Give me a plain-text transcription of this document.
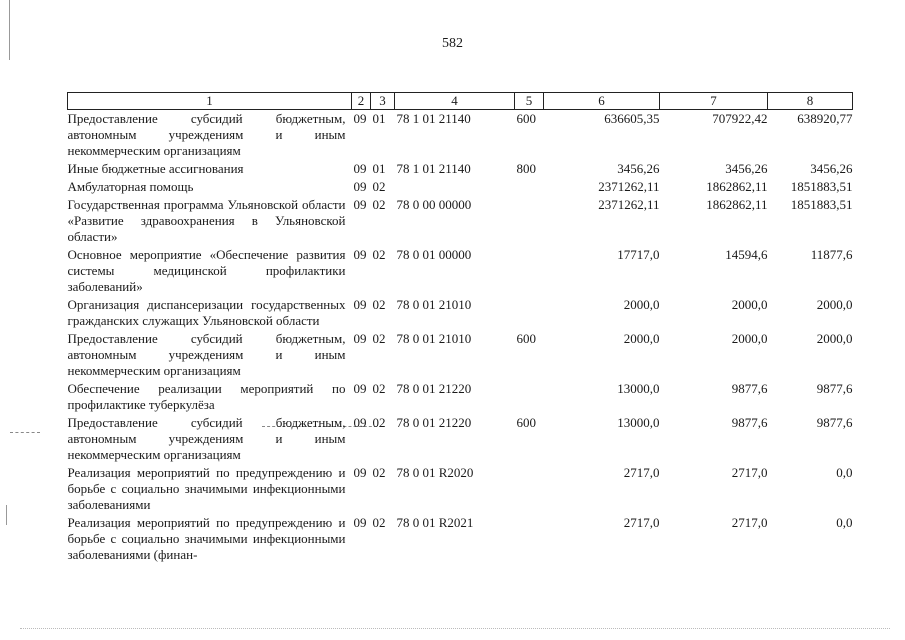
582
1	2	3	4	5	6	7	8
Предоставление субсидий бюджетным, автономным учреждениям и иным некоммерческим организациям	09	01	78 1 01 21140	600	636605,35	707922,42	638920,77
Иные бюджетные ассигнования	09	01	78 1 01 21140	800	3456,26	3456,26	3456,26
Амбулаторная помощь	09	02			2371262,11	1862862,11	1851883,51
Государственная программа Ульяновской области «Развитие здравоохранения в Ульяновской области»	09	02	78 0 00 00000		2371262,11	1862862,11	1851883,51
Основное мероприятие «Обеспечение развития системы медицинской профилактики заболеваний»	09	02	78 0 01 00000		17717,0	14594,6	11877,6
Организация диспансеризации государственных гражданских служащих Ульяновской области	09	02	78 0 01 21010		2000,0	2000,0	2000,0
Предоставление субсидий бюджетным, автономным учреждениям и иным некоммерческим организациям	09	02	78 0 01 21010	600	2000,0	2000,0	2000,0
Обеспечение реализации мероприятий по профилактике туберкулёза	09	02	78 0 01 21220		13000,0	9877,6	9877,6
Предоставление субсидий бюджетным, автономным учреждениям и иным некоммерческим организациям	09	02	78 0 01 21220	600	13000,0	9877,6	9877,6
Реализация мероприятий по предупреждению и борьбе с социально значимыми инфекционными заболеваниями	09	02	78 0 01 R2020		2717,0	2717,0	0,0
Реализация мероприятий по предупреждению и борьбе с социально значимыми инфекционными заболеваниями (финан-	09	02	78 0 01 R2021		2717,0	2717,0	0,0
